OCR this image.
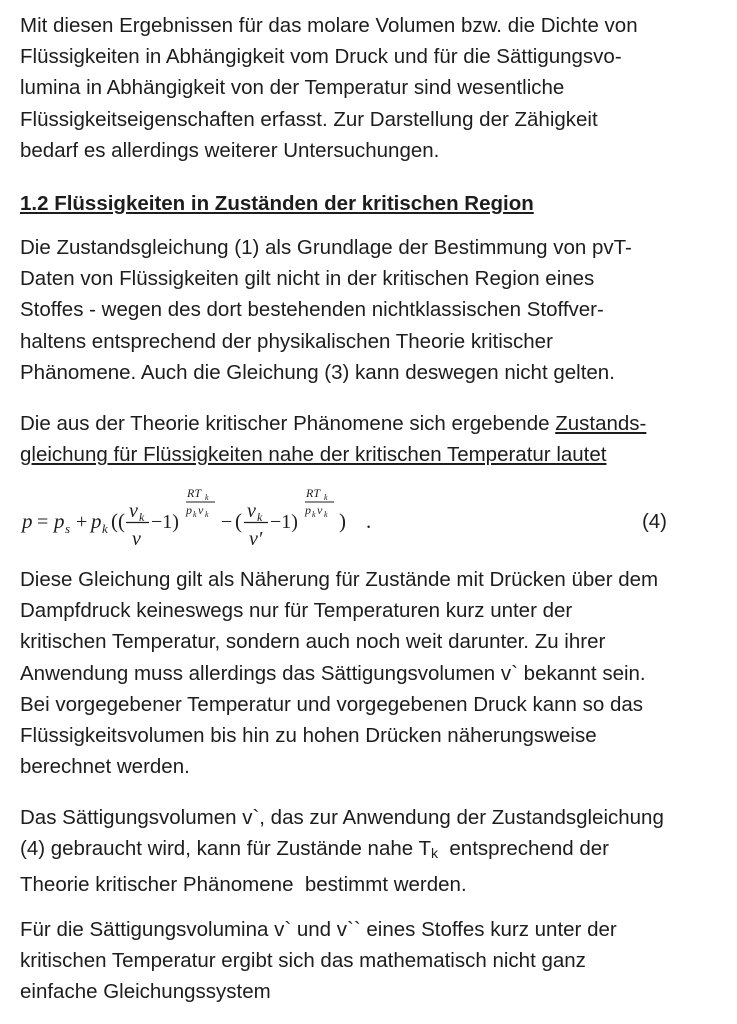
Mit diesen Ergebnissen für das molare Volumen bzw. die Dichte von
Flüssigkeiten in Abhängigkeit vom Druck und für die Sättigungsvo-
lumina in Abhängigkeit von der Temperatur sind wesentliche
Flüssigkeitseigenschaften erfasst. Zur Darstellung der Zähigkeit
bedarf es allerdings weiterer Untersuchungen.
1.2 Flüssigkeiten in Zuständen der kritischen Region
Die Zustandsgleichung (1) als Grundlage der Bestimmung von pvT-
Daten von Flüssigkeiten gilt nicht in der kritischen Region eines
Stoffes - wegen des dort bestehenden nichtklassischen Stoffver-
haltens entsprechend der physikalischen Theorie kritischer
Phänomene. Auch die Gleichung (3) kann deswegen nicht gelten.
Die aus der Theorie kritischer Phänomene sich ergebende Zustands-
gleichung für Flüssigkeiten nahe der kritischen Temperatur lautet
p = p s + p k (( v k
v
−1)
RT k
p k v k − ( v k
v′
−1)
RT k
p k v k ) .	(4)
Diese Gleichung gilt als Näherung für Zustände mit Drücken über dem
Dampfdruck keineswegs nur für Temperaturen kurz unter der
kritischen Temperatur, sondern auch noch weit darunter. Zu ihrer
Anwendung muss allerdings das Sättigungsvolumen v` bekannt sein.
Bei vorgegebener Temperatur und vorgegebenen Druck kann so das
Flüssigkeitsvolumen bis hin zu hohen Drücken näherungsweise
berechnet werden.
Das Sättigungsvolumen v`, das zur Anwendung der Zustandsgleichung
(4) gebraucht wird, kann für Zustände nahe $T_k$  entsprechend der
Theorie kritischer Phänomene  bestimmt werden.
Für die Sättigungsvolumina v` und v`` eines Stoffes kurz unter der
kritischen Temperatur ergibt sich das mathematisch nicht ganz
einfache Gleichungssystem
